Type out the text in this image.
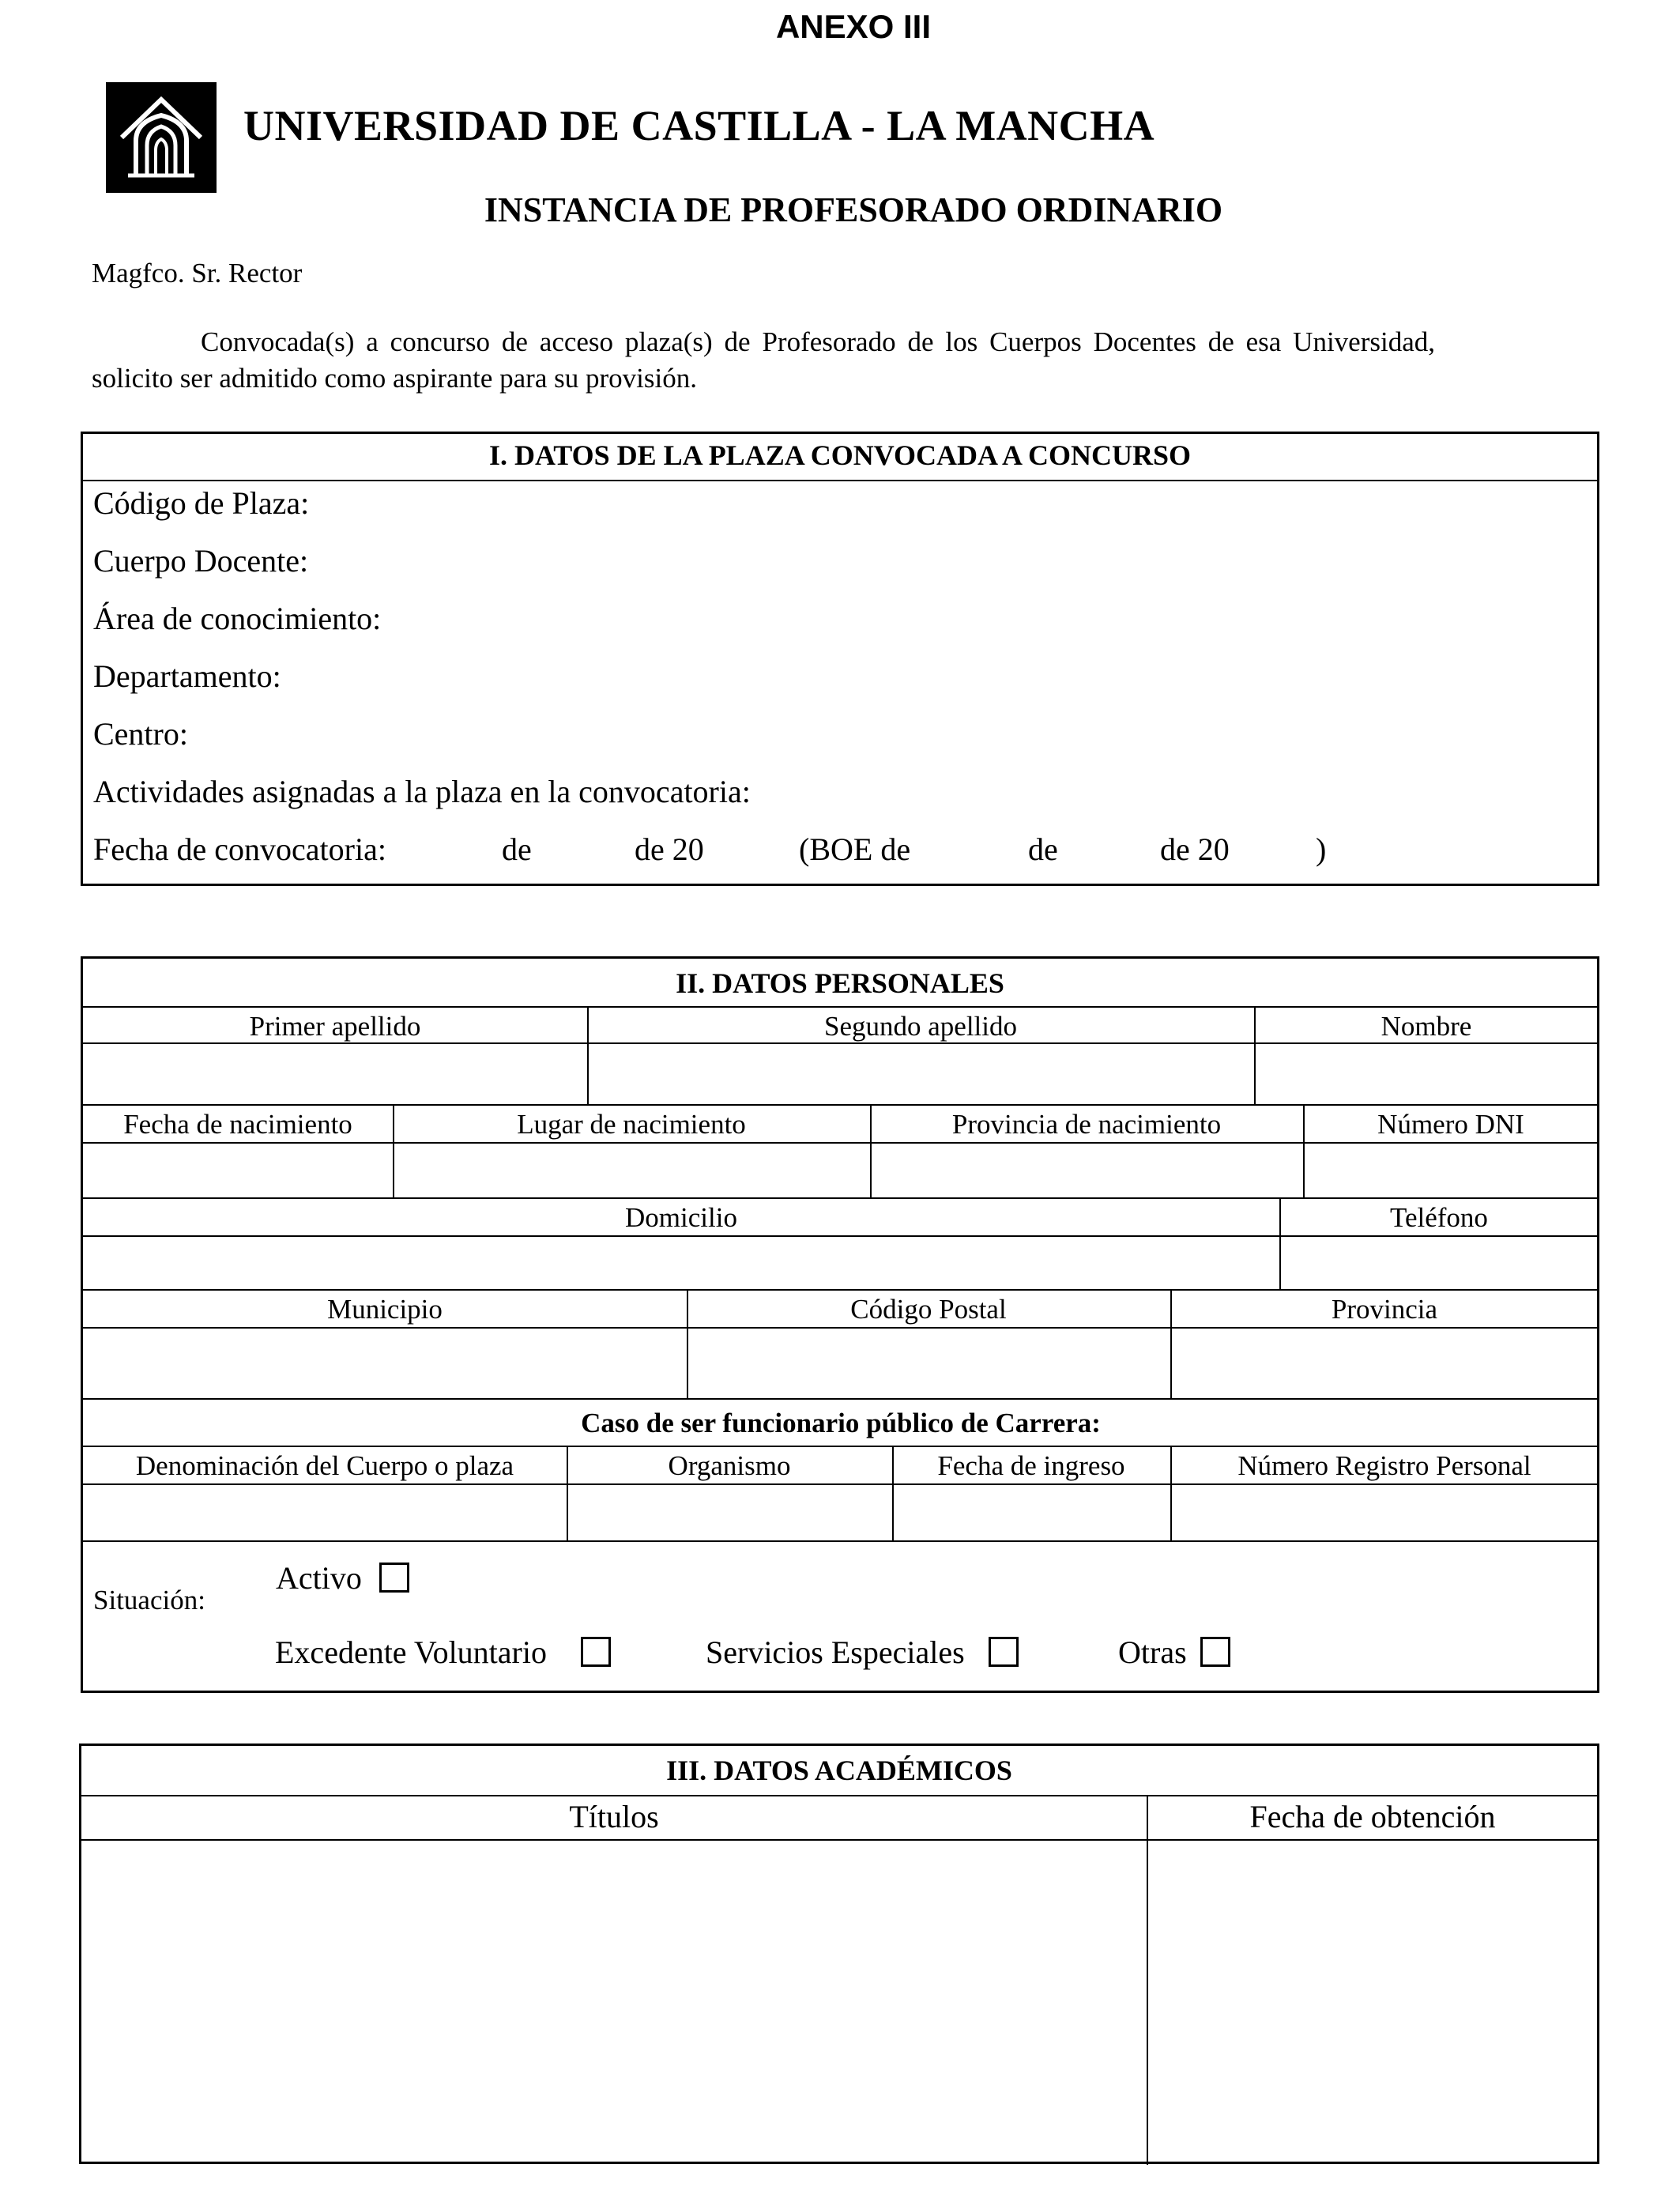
ANEXO III
UNIVERSIDAD DE CASTILLA - LA MANCHA
INSTANCIA DE PROFESORADO ORDINARIO
Magfco. Sr. Rector
Convocada(s) a concurso de acceso plaza(s) de Profesorado de los Cuerpos Docentes de esa Universidad, solicito ser admitido como aspirante para su provisión.
I. DATOS DE LA PLAZA CONVOCADA A CONCURSO
Código de Plaza:
Cuerpo Docente:
Área de conocimiento:
Departamento:
Centro:
Actividades asignadas a la plaza en la convocatoria:
Fecha de convocatoria:	de	de 20	(BOE de	de	de 20	)
II. DATOS PERSONALES
Primer apellido	Segundo apellido	Nombre
Fecha de nacimiento	Lugar de nacimiento	Provincia de nacimiento	Número DNI
Domicilio	Teléfono
Municipio	Código Postal	Provincia
Caso de ser funcionario público de Carrera:
Denominación del Cuerpo o plaza	Organismo	Fecha de ingreso	Número Registro Personal
Situación:
Activo
Excedente Voluntario	Servicios Especiales	Otras
III. DATOS ACADÉMICOS
Títulos	Fecha de obtención
